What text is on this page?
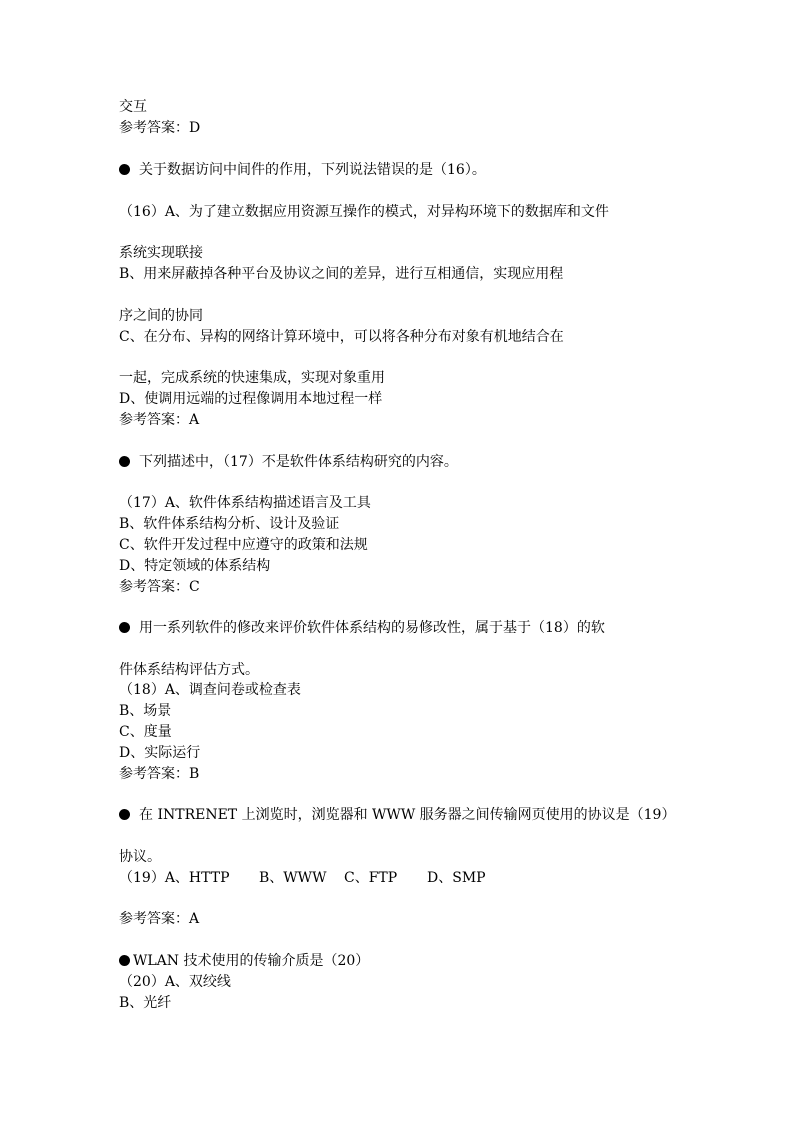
交互
参考答案：D
关于数据访问中间件的作用，下列说法错误的是（16）。
（16）A、为了建立数据应用资源互操作的模式，对异构环境下的数据库和文件
系统实现联接
B、用来屏蔽掉各种平台及协议之间的差异，进行互相通信，实现应用程
序之间的协同
C、在分布、异构的网络计算环境中，可以将各种分布对象有机地结合在
一起，完成系统的快速集成，实现对象重用
D、使调用远端的过程像调用本地过程一样
参考答案：A
下列描述中，（17）不是软件体系结构研究的内容。
（17）A、软件体系结构描述语言及工具
B、软件体系结构分析、设计及验证
C、软件开发过程中应遵守的政策和法规
D、特定领域的体系结构
参考答案：C
用一系列软件的修改来评价软件体系结构的易修改性，属于基于（18）的软
件体系结构评估方式。
（18）A、调查问卷或检查表
B、场景
C、度量
D、实际运行
参考答案：B
在 INTRENET 上浏览时，浏览器和 WWW 服务器之间传输网页使用的协议是（19）
协议。
（19）A、HTTP B、WWW C、FTP D、SMP
参考答案：A
WLAN 技术使用的传输介质是（20）
（20）A、双绞线
B、光纤
